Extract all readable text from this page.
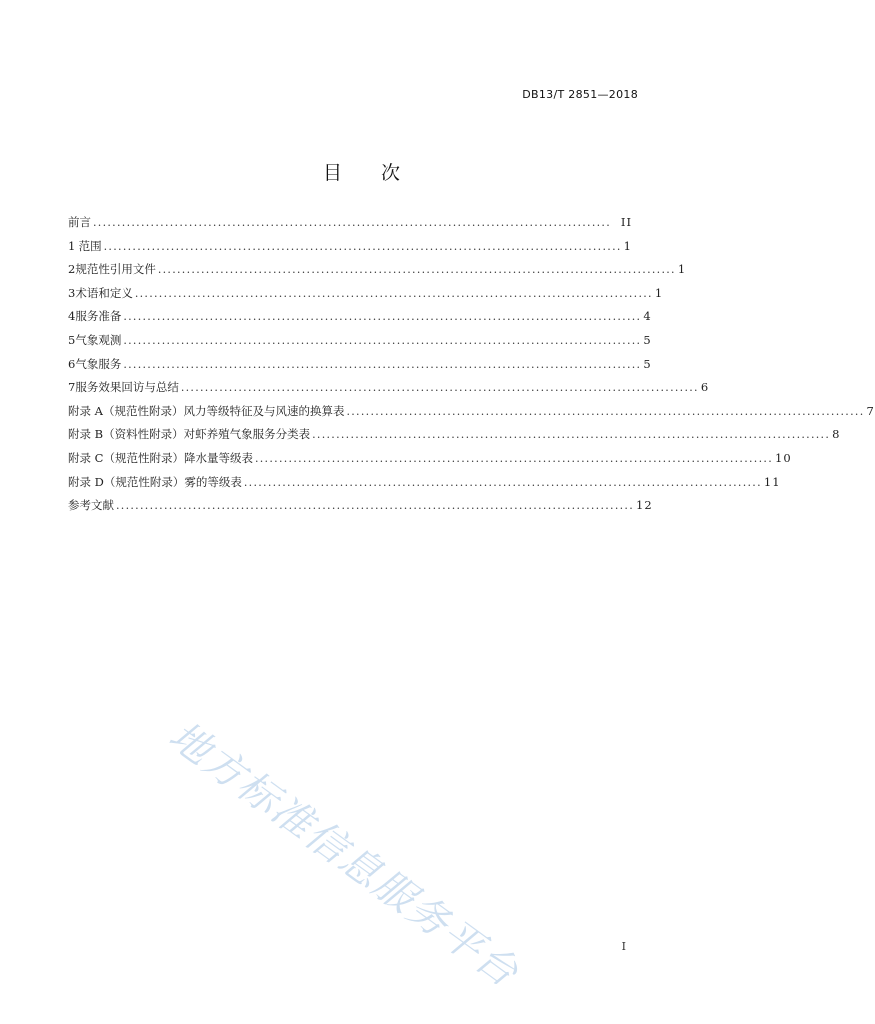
DB13/T 2851—2018
目 次
前言 ............................................................................................................ II
1 范围 ............................................................................................................ 1
2 规范性引用文件 ............................................................................................................ 1
3 术语和定义 ............................................................................................................ 1
4 服务准备 ............................................................................................................ 4
5 气象观测 ............................................................................................................ 5
6 气象服务 ............................................................................................................ 5
7 服务效果回访与总结 ............................................................................................................ 6
附录 A（规范性附录） 风力等级特征及与风速的换算表 ............................................................................................................ 7
附录 B（资料性附录） 对虾养殖气象服务分类表 ............................................................................................................ 8
附录 C（规范性附录） 降水量等级表 ............................................................................................................ 10
附录 D（规范性附录） 雾的等级表 ............................................................................................................ 11
参考文献 ............................................................................................................ 12
地方标准信息服务平台	I
